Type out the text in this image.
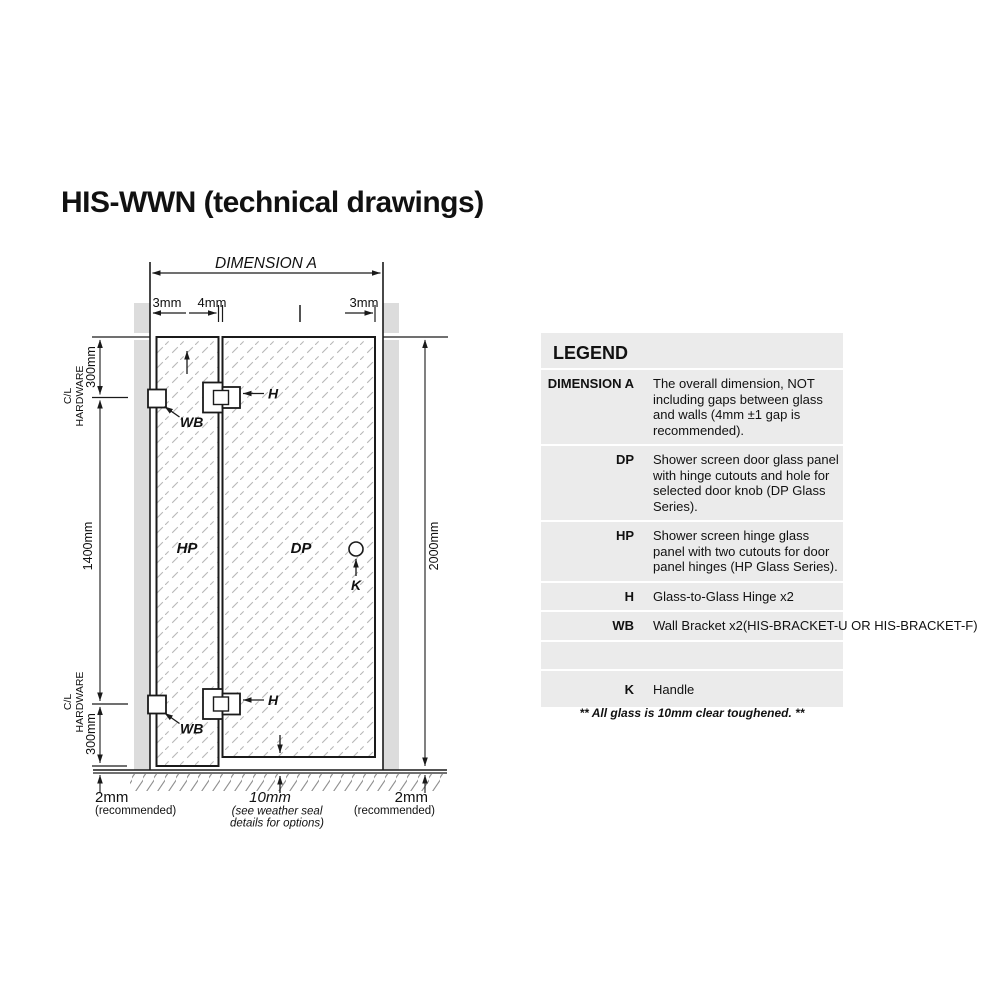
HIS-WWN (technical drawings)
DIMENSION A
3mm 4mm	3mm
C/L HARDWARE
300mm
1400mm
C/L HARDWARE
300mm
2000mm
HP	DP
H
H
WB
WB
K
2mm
(recommended)
10mm
(see weather seal
details for options)
2mm
(recommended)
LEGEND
DIMENSION A The overall dimension, NOT including gaps between glass and walls (4mm ±1 gap is recommended).
DP Shower screen door glass panel with hinge cutouts and hole for selected door knob (DP Glass Series).
HP Shower screen hinge glass panel with two cutouts for door panel hinges (HP Glass Series).
H Glass-to-Glass Hinge x2
WB Wall Bracket x2(HIS-BRACKET-U OR HIS-BRACKET-F)
K Handle
** All glass is 10mm clear toughened. **
